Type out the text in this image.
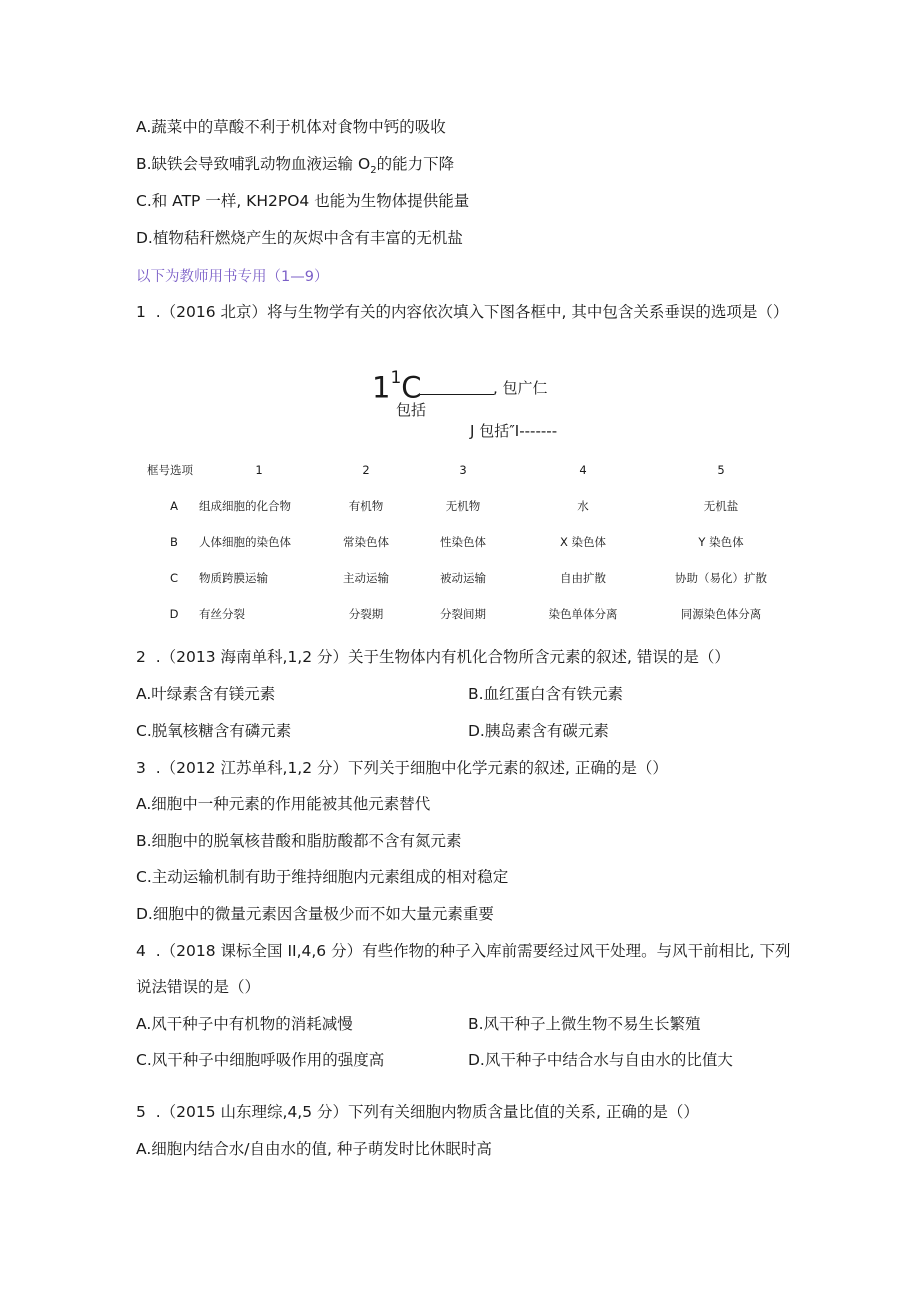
A.蔬菜中的草酸不利于机体对食物中钙的吸收
B.缺铁会导致哺乳动物血液运输 $O_2$的能力下降
C.和 ATP 一样, KH2PO4 也能为生物体提供能量
D.植物秸秆燃烧产生的灰烬中含有丰富的无机盐
以下为教师用书专用（1—9）
1  .（2016 北京）将与生物学有关的内容依次填入下图各框中, 其中包含关系垂误的选项是（）
$1^1C$	, 包广仁
包括
J 包括″I-------
框号选项	1	2	3	4	5
A	组成细胞的化合物	有机物	无机物	水	无机盐
B	人体细胞的染色体	常染色体	性染色体	X 染色体	Y 染色体
C	物质跨膜运输	主动运输	被动运输	自由扩散	协助（易化）扩散
D	有丝分裂	分裂期	分裂间期	染色单体分离	同源染色体分离
2  .（2013 海南单科,1,2 分）关于生物体内有机化合物所含元素的叙述, 错误的是（）
A.叶绿素含有镁元素	B.血红蛋白含有铁元素
C.脱氧核糖含有磷元素	D.胰岛素含有碳元素
3  .（2012 江苏单科,1,2 分）下列关于细胞中化学元素的叙述, 正确的是（）
A.细胞中一种元素的作用能被其他元素替代
B.细胞中的脱氧核昔酸和脂肪酸都不含有氮元素
C.主动运输机制有助于维持细胞内元素组成的相对稳定
D.细胞中的微量元素因含量极少而不如大量元素重要
4  .（2018 课标全国 II,4,6 分）有些作物的种子入库前需要经过风干处理。与风干前相比, 下列
说法错误的是（）
A.风干种子中有机物的消耗减慢	B.风干种子上微生物不易生长繁殖
C.风干种子中细胞呼吸作用的强度高	D.风干种子中结合水与自由水的比值大
5  .（2015 山东理综,4,5 分）下列有关细胞内物质含量比值的关系, 正确的是（）
A.细胞内结合水/自由水的值, 种子萌发时比休眠时高
